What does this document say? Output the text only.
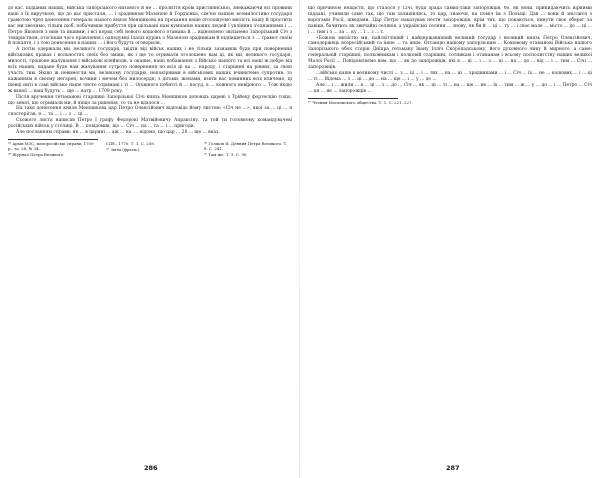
до вас, підданих наших, Війська Запорізького низового й не ... пролиття крові християнської, зневажаючи всі провини ваші з їх виручкою, що до вас пристали, ... і зрадником Мазепою й Гордієнка, сім'єю нашою всемилостиво государя грамотою чрез донесення генерала нашого князя Меншикова на прохання ваше оголошуємо милість нашу й простити вас ми звелимо, тільки щоб, побачивши прибуття при щільвані нам кумпанію наших людей і уклінних з'єднаннями і ... Петро Яковлєв з ним та іншими, і всі поряд собі нового кошового отамана й ... відновлено звільнено Запорізький Січ з товариством, отосінши чого правлення і однодумці Ілаліх курінь з Мазепою зрадникам й підпишеться з ... грамот своїм й покаяте, і з тою донесення в наших ... і його будуть оговорили.

А потім одержали ми, великого государя, звідти від військ наших і не тільки зазнавши буде при повернення військових правах і вольностях своїх без зміни, як і ще то отримати оголошено вам ці, як ми, великого государя, милості, грошове жалування і військові клейноди, а окаяне, наші побажання з Військо нашого та всі ваші ж добре від всіх наших, надане буде нам жалування сутрото повернення по всіх ці на ... народу, і старшині на рівних, за свою участь тим. Якщо ж невимогли ми, великому государю, непокірними в військових наших вчинитеме супротив, то кажанням в своєму неґарен, вочини і мечем без милосердя, з дітьми, жонами, взяти вас повинних всіх кличемо, ці шевці ниті в самі військо наше чисто отримані і ті ... Опішного побитті й ... посуд, а ... кожного невірного ... Тож якщо ж вашої ... ваш будуть ... ще ... ватр ... 1709 року.

Після вручення гетьманові старшині Запорізької Січі князь Меншиков доповідь цареві з Трійецу фортесцію тощо, що землі, що отримали ми, й якщо за рішення, то та не вдалося ...

На таке донесення князя Меншикова цар Петро Олексійович відповідь йому листом: «Січ не ...», якої за ... ці ... я спостерігав, я ... та ... і ... з ... ці ...

Схожого листа написав Петро І графу Федорові Матвійовичу Апраксіну, та той ти головному командувачеві російських військ у столиці. В ... повідомив, що ... Січ ... на ... та ... і ... пригоди.

Але посланням справи: як ... в царині ... аж ... на ..., відомо, що цар ... 28 ... ще ... вказ.

³³ Архів МЗС, малоросійські справи, 1709 р., за. 28, № 34.
³⁴ Журнал Петра Великого.
СПб., 1770. Т. 1. С. 208.
³⁵ Звіти (фрагм.).
³⁶ Голіков И. Деяния Петра Великого. Т. 8. С. 241.
³⁷ Там же. Т. 3. С. 90.

що причиною нещастя, що сталося у Січі, буда зрада самих-таки запорожців, бо, як вони, прикидаючись вірними піддані, учинили саме так, що там залишились, то цар, знаючи, на поміч їм з Польщі. Дав ... вони й зніслися з ворогами Росії, шведами. Цар Петро наказував нести запорожців, крім тих, що покаються, кинути своє оберег за навіки, бачитись як звичайні селянів, а українські селяни ... знову, як би й ... ці ... ту ... і своє мале ... місто ... до ... ці ... і ... тим і з ... за ... ку ... ї ... і ... т.

«Божою милістю ми, найсвітліший і найдержавніший великий государ і великий князь Петро Олексійович, самодержець всеросійський та інше ... та інше. Отсанцю нашому запорізьким ... Кошовому отаманові Війська нашого Запорізького обох сторін Дніпра гетьману Івану Ілліч Скоропадському, його духовного чину й мирного, а саме: генеральній старшині, полковникам і полковій старшині, сотникам і отаманам і всьому посполитству наших великої Малої Росії ... Повідомляємо вам, що ... як до запорожців, які в ... ці ... і ... з ... ці ... на ... до ... від ... і ... тим ... Січі ... запорожців.

...військо наше в великому числі ... з ... ці ... і ... тих ... на ... ці ... зрадниками ... і ... Січ ... їх ... не ... кошових ... і ... ці ... ті ... Відома ... з ... ці ... до ... на ... ще ... і ... у ... до ...

Але ... і ... жили ... в ... ці ... з ... до ... Січ ... як ... ці ... ті ... на ... ще ... не ... їх ... тим ... ж ... у ... до ... і ... Петро ... Січ ... ця ... не ... запорожців ...

³⁷ Чтения Московского общества. Т. 1. С. 221, 227.
286	287
